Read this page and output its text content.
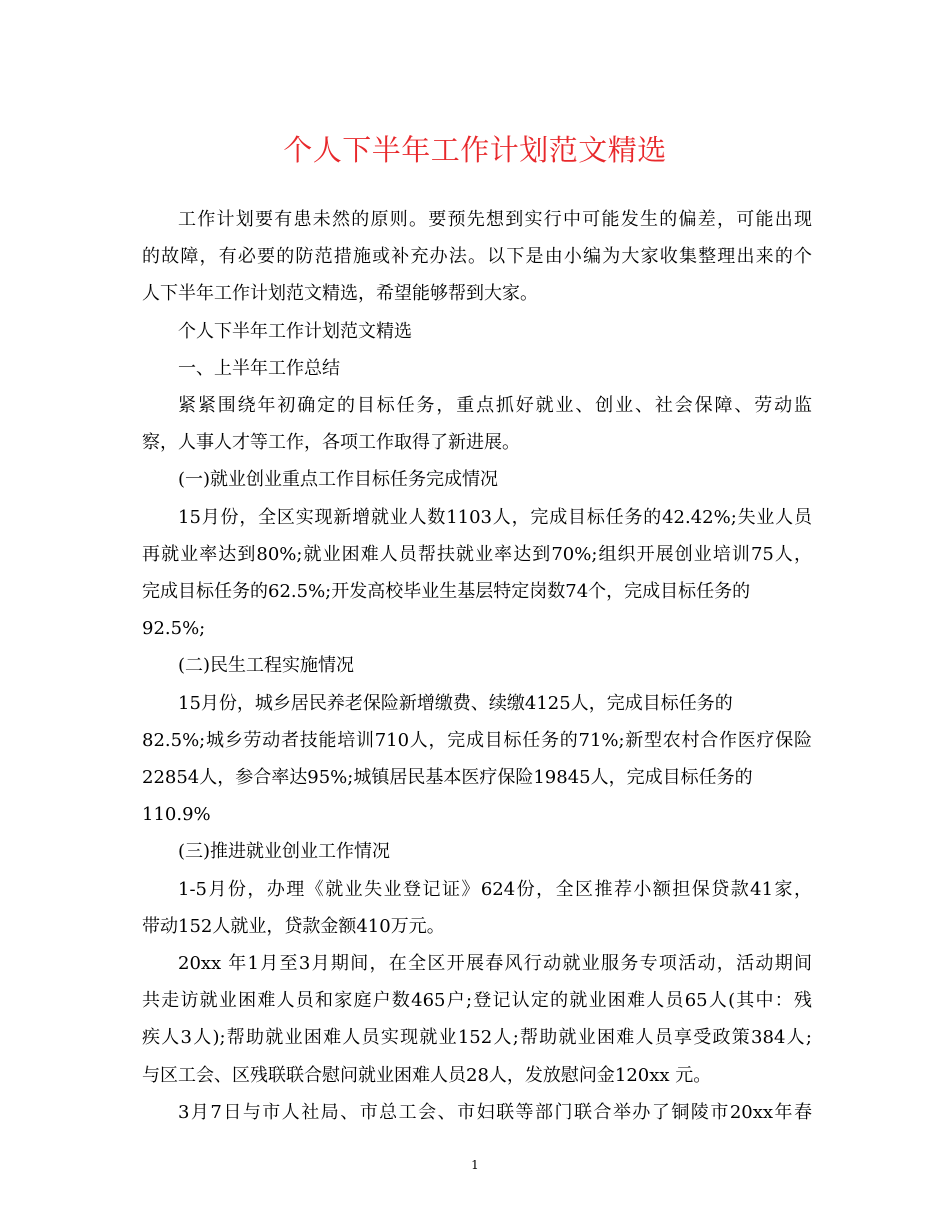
个人下半年工作计划范文精选
工作计划要有患未然的原则。要预先想到实行中可能发生的偏差，可能出现
的故障，有必要的防范措施或补充办法。以下是由小编为大家收集整理出来的个
人下半年工作计划范文精选，希望能够帮到大家。
个人下半年工作计划范文精选
一、上半年工作总结
紧紧围绕年初确定的目标任务，重点抓好就业、创业、社会保障、劳动监
察，人事人才等工作，各项工作取得了新进展。
(一)就业创业重点工作目标任务完成情况
15月份，全区实现新增就业人数1103人，完成目标任务的42.42%;失业人员
再就业率达到80%;就业困难人员帮扶就业率达到70%;组织开展创业培训75人，
完成目标任务的62.5%;开发高校毕业生基层特定岗数74个，完成目标任务的
92.5%;
(二)民生工程实施情况
15月份，城乡居民养老保险新增缴费、续缴4125人，完成目标任务的
82.5%;城乡劳动者技能培训710人，完成目标任务的71%;新型农村合作医疗保险
22854人，参合率达95%;城镇居民基本医疗保险19845人，完成目标任务的
110.9%
(三)推进就业创业工作情况
1-5月份，办理《就业失业登记证》624份，全区推荐小额担保贷款41家，
带动152人就业，贷款金额410万元。
20xx 年1月至3月期间，在全区开展春风行动就业服务专项活动，活动期间
共走访就业困难人员和家庭户数465户;登记认定的就业困难人员65人(其中：残
疾人3人);帮助就业困难人员实现就业152人;帮助就业困难人员享受政策384人;
与区工会、区残联联合慰问就业困难人员28人，发放慰问金120xx 元。
3月7日与市人社局、市总工会、市妇联等部门联合举办了铜陵市20xx年春
1
